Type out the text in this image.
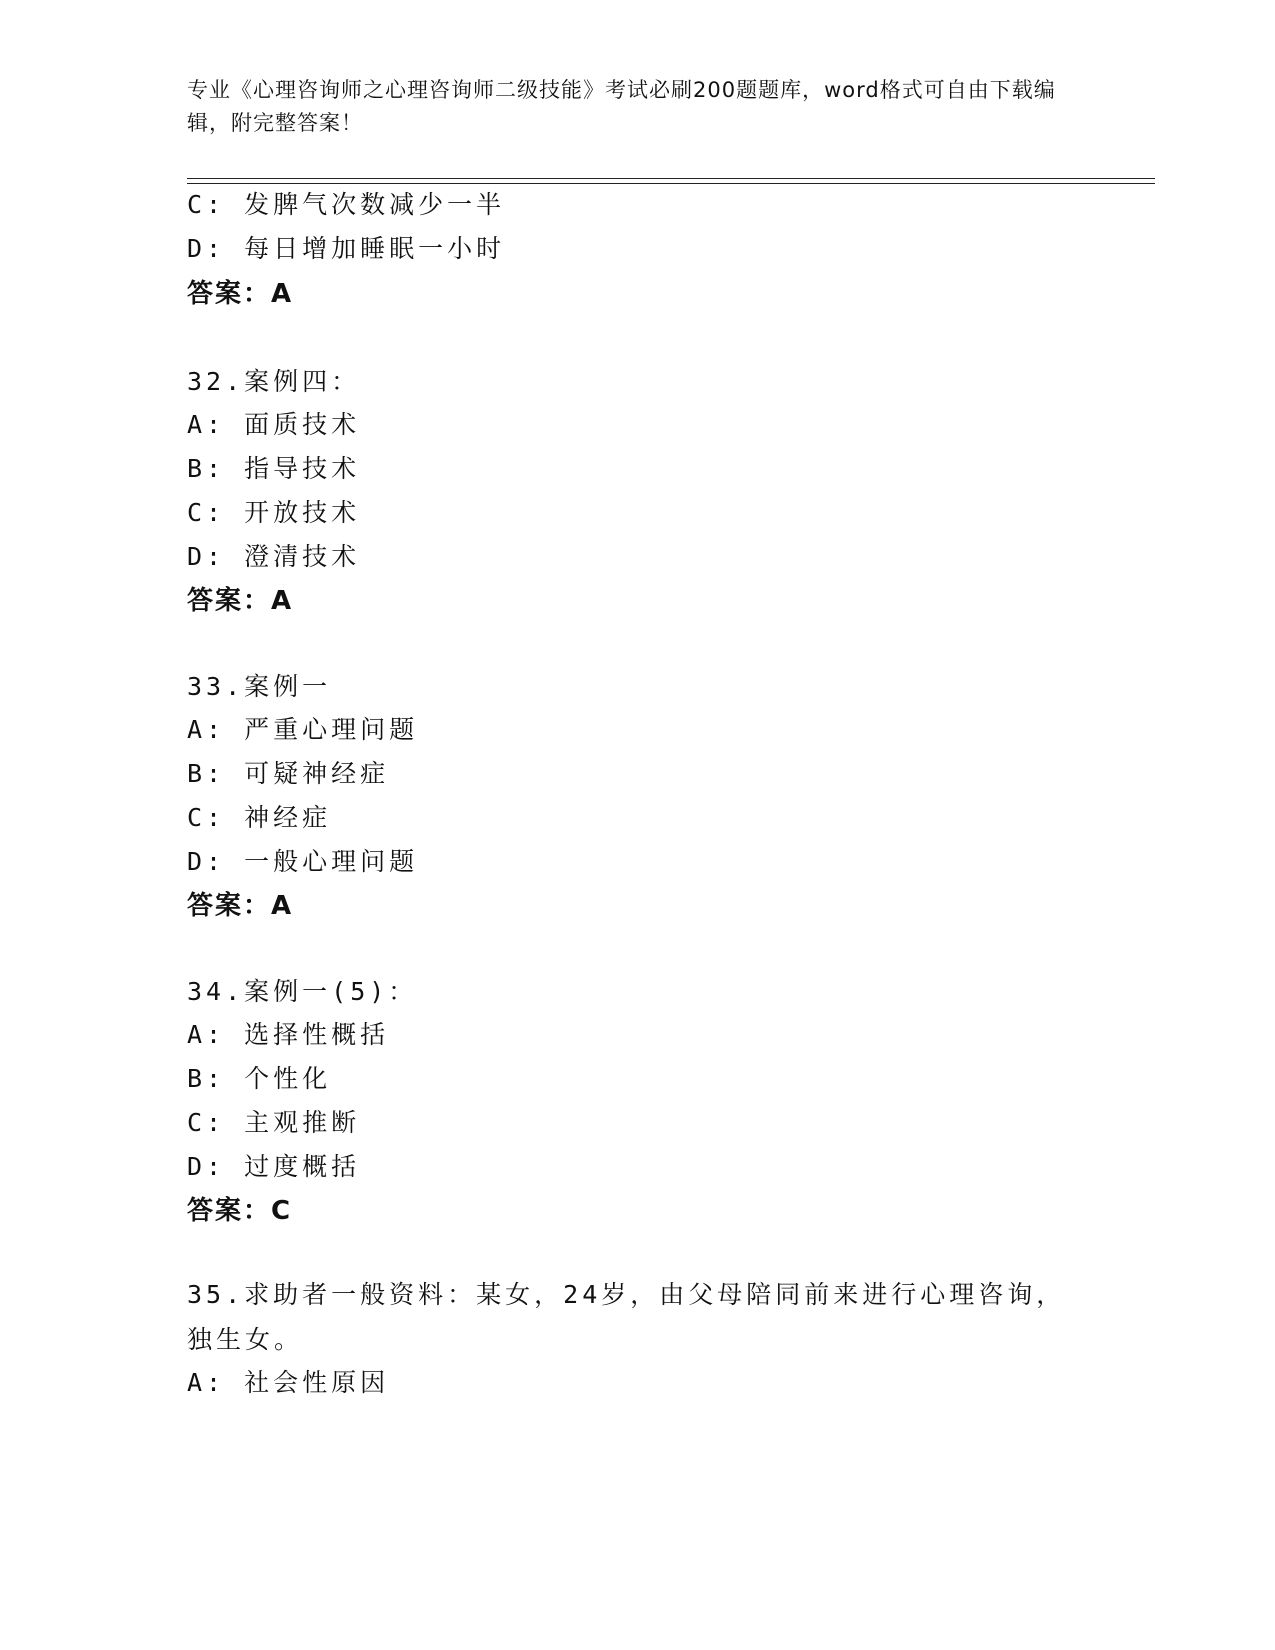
专业《心理咨询师之心理咨询师二级技能》考试必刷200题题库，word格式可自由下载编辑，附完整答案！
C: 发脾气次数减少一半
D: 每日增加睡眠一小时
答案：A
32.案例四：
A: 面质技术
B: 指导技术
C: 开放技术
D: 澄清技术
答案：A
33.案例一
A: 严重心理问题
B: 可疑神经症
C: 神经症
D: 一般心理问题
答案：A
34.案例一(5)：
A: 选择性概括
B: 个性化
C: 主观推断
D: 过度概括
答案：C
35.求助者一般资料：某女，24岁，由父母陪同前来进行心理咨询，独生女。
A: 社会性原因
